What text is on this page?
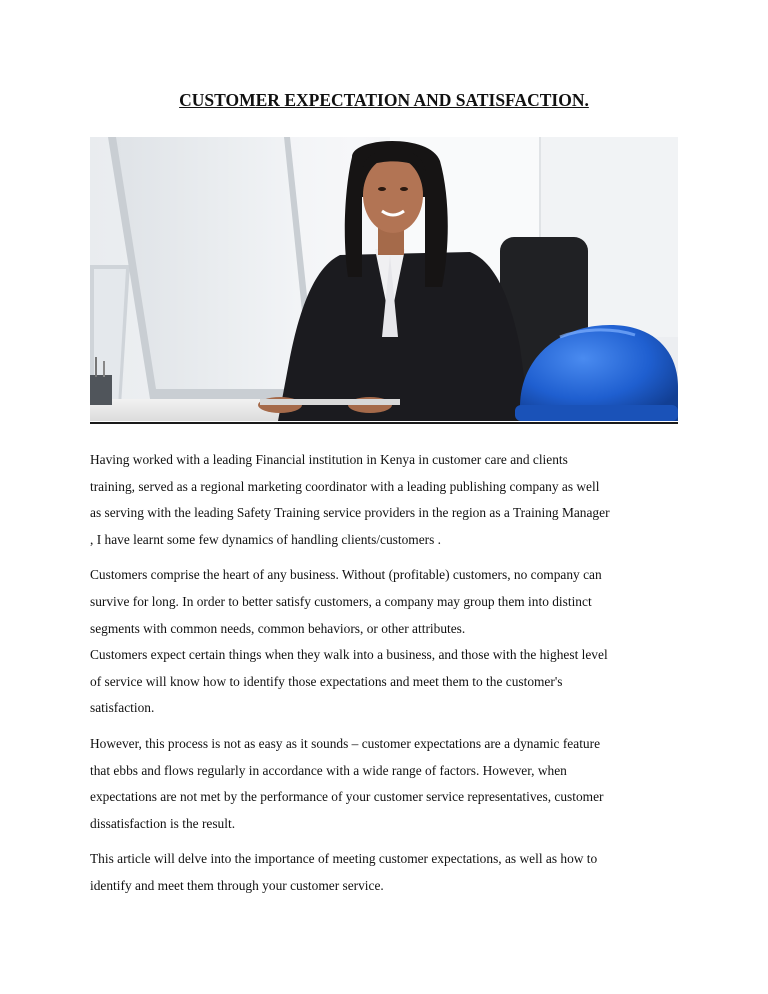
CUSTOMER EXPECTATION AND SATISFACTION.

Having worked with a leading Financial institution in Kenya in customer care and clients
training, served as a regional marketing coordinator with a leading publishing company as well
as serving with the leading Safety Training service providers in the region as a Training Manager
, I have learnt some few dynamics of handling clients/customers .

Customers comprise the heart of any business. Without (profitable) customers, no company can
survive for long. In order to better satisfy customers, a company may group them into distinct
segments with common needs, common behaviors, or other attributes.

Customers expect certain things when they walk into a business, and those with the highest level
of service will know how to identify those expectations and meet them to the customer's
satisfaction.

However, this process is not as easy as it sounds – customer expectations are a dynamic feature
that ebbs and flows regularly in accordance with a wide range of factors. However, when
expectations are not met by the performance of your customer service representatives, customer
dissatisfaction is the result.

This article will delve into the importance of meeting customer expectations, as well as how to
identify and meet them through your customer service.
